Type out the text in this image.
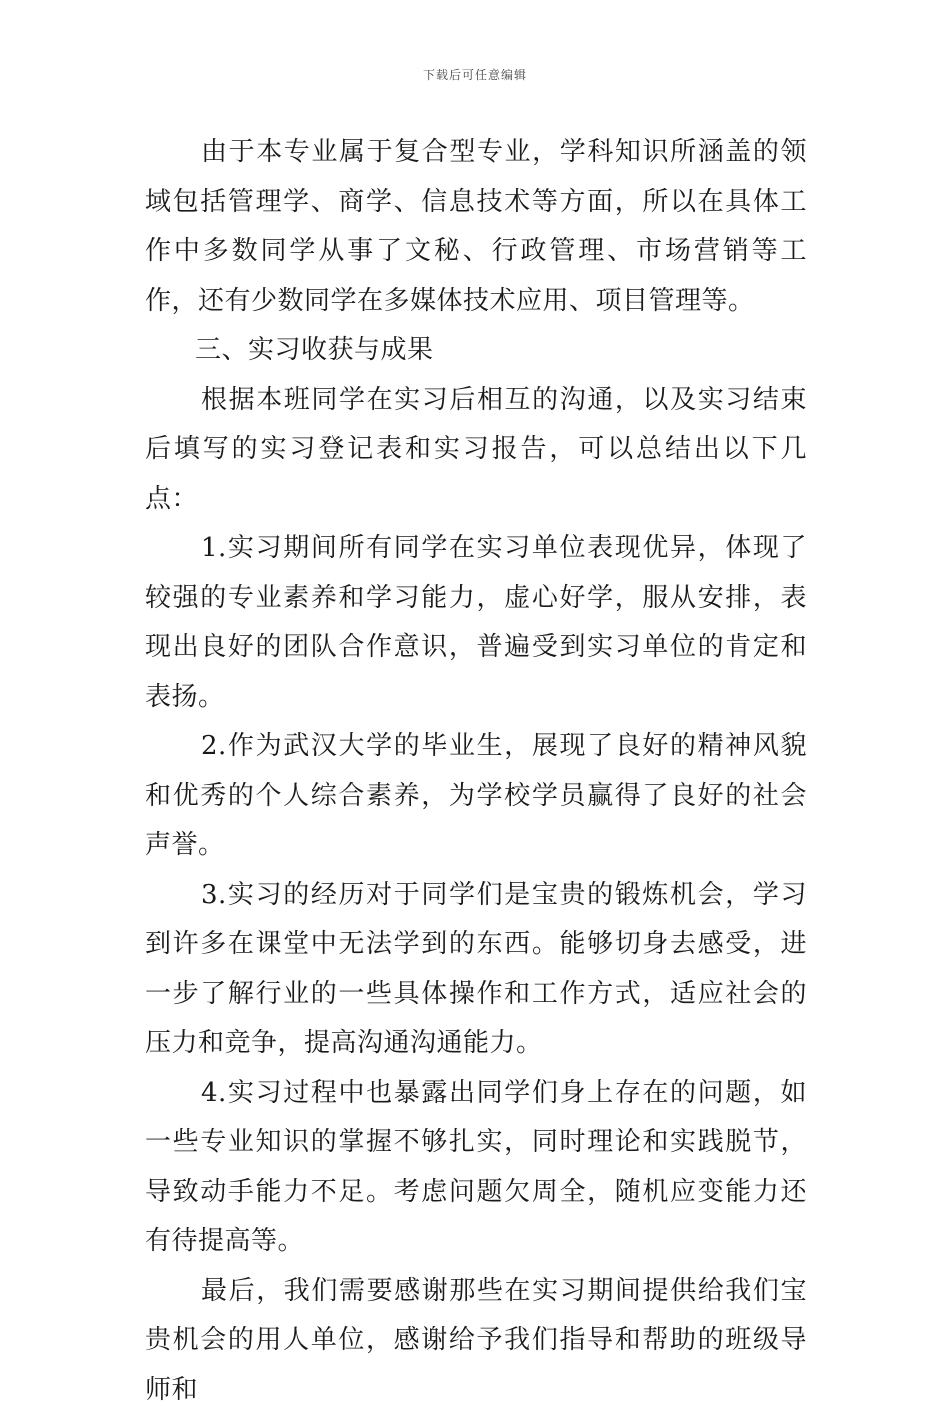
下载后可任意编辑

由于本专业属于复合型专业，学科知识所涵盖的领域包括管理学、商学、信息技术等方面，所以在具体工作中多数同学从事了文秘、行政管理、市场营销等工作，还有少数同学在多媒体技术应用、项目管理等。

三、实习收获与成果

根据本班同学在实习后相互的沟通，以及实习结束后填写的实习登记表和实习报告，可以总结出以下几点：

1.实习期间所有同学在实习单位表现优异，体现了较强的专业素养和学习能力，虚心好学，服从安排，表现出良好的团队合作意识，普遍受到实习单位的肯定和表扬。

2.作为武汉大学的毕业生，展现了良好的精神风貌和优秀的个人综合素养，为学校学员赢得了良好的社会声誉。

3.实习的经历对于同学们是宝贵的锻炼机会，学习到许多在课堂中无法学到的东西。能够切身去感受，进一步了解行业的一些具体操作和工作方式，适应社会的压力和竞争，提高沟通沟通能力。

4.实习过程中也暴露出同学们身上存在的问题，如一些专业知识的掌握不够扎实，同时理论和实践脱节，导致动手能力不足。考虑问题欠周全，随机应变能力还有待提高等。

最后，我们需要感谢那些在实习期间提供给我们宝贵机会的用人单位，感谢给予我们指导和帮助的班级导师和
